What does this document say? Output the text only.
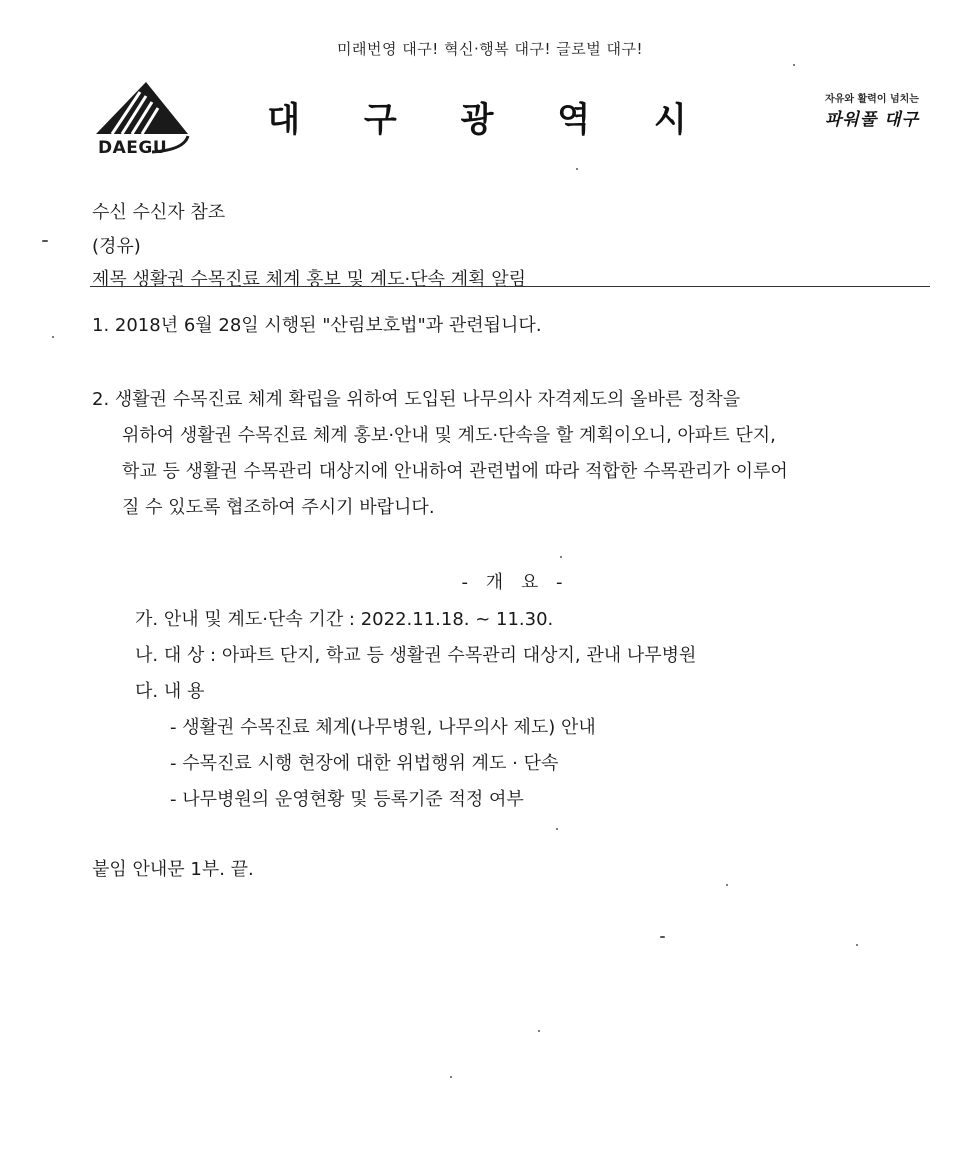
미래번영 대구! 혁신·행복 대구! 글로벌 대구!
DAEGU
대 구 광 역 시
자유와 활력이 넘치는
파워풀 대구
수신 수신자 참조
(경유)
제목 생활권 수목진료 체계 홍보 및 계도·단속 계획 알림
1. 2018년 6월 28일 시행된 "산림보호법"과 관련됩니다.
2. 생활권 수목진료 체계 확립을 위하여 도입된 나무의사 자격제도의 올바른 정착을
위하여 생활권 수목진료 체계 홍보·안내 및 계도·단속을 할 계획이오니, 아파트 단지,
학교 등 생활권 수목관리 대상지에 안내하여 관련법에 따라 적합한 수목관리가 이루어
질 수 있도록 협조하여 주시기 바랍니다.
- 개 요 -
가. 안내 및 계도·단속 기간 : 2022.11.18. ~ 11.30.
나. 대 상 : 아파트 단지, 학교 등 생활권 수목관리 대상지, 관내 나무병원
다. 내 용
- 생활권 수목진료 체계(나무병원, 나무의사 제도) 안내
- 수목진료 시행 현장에 대한 위법행위 계도 · 단속
- 나무병원의 운영현황 및 등록기준 적정 여부
붙임 안내문 1부. 끝.
